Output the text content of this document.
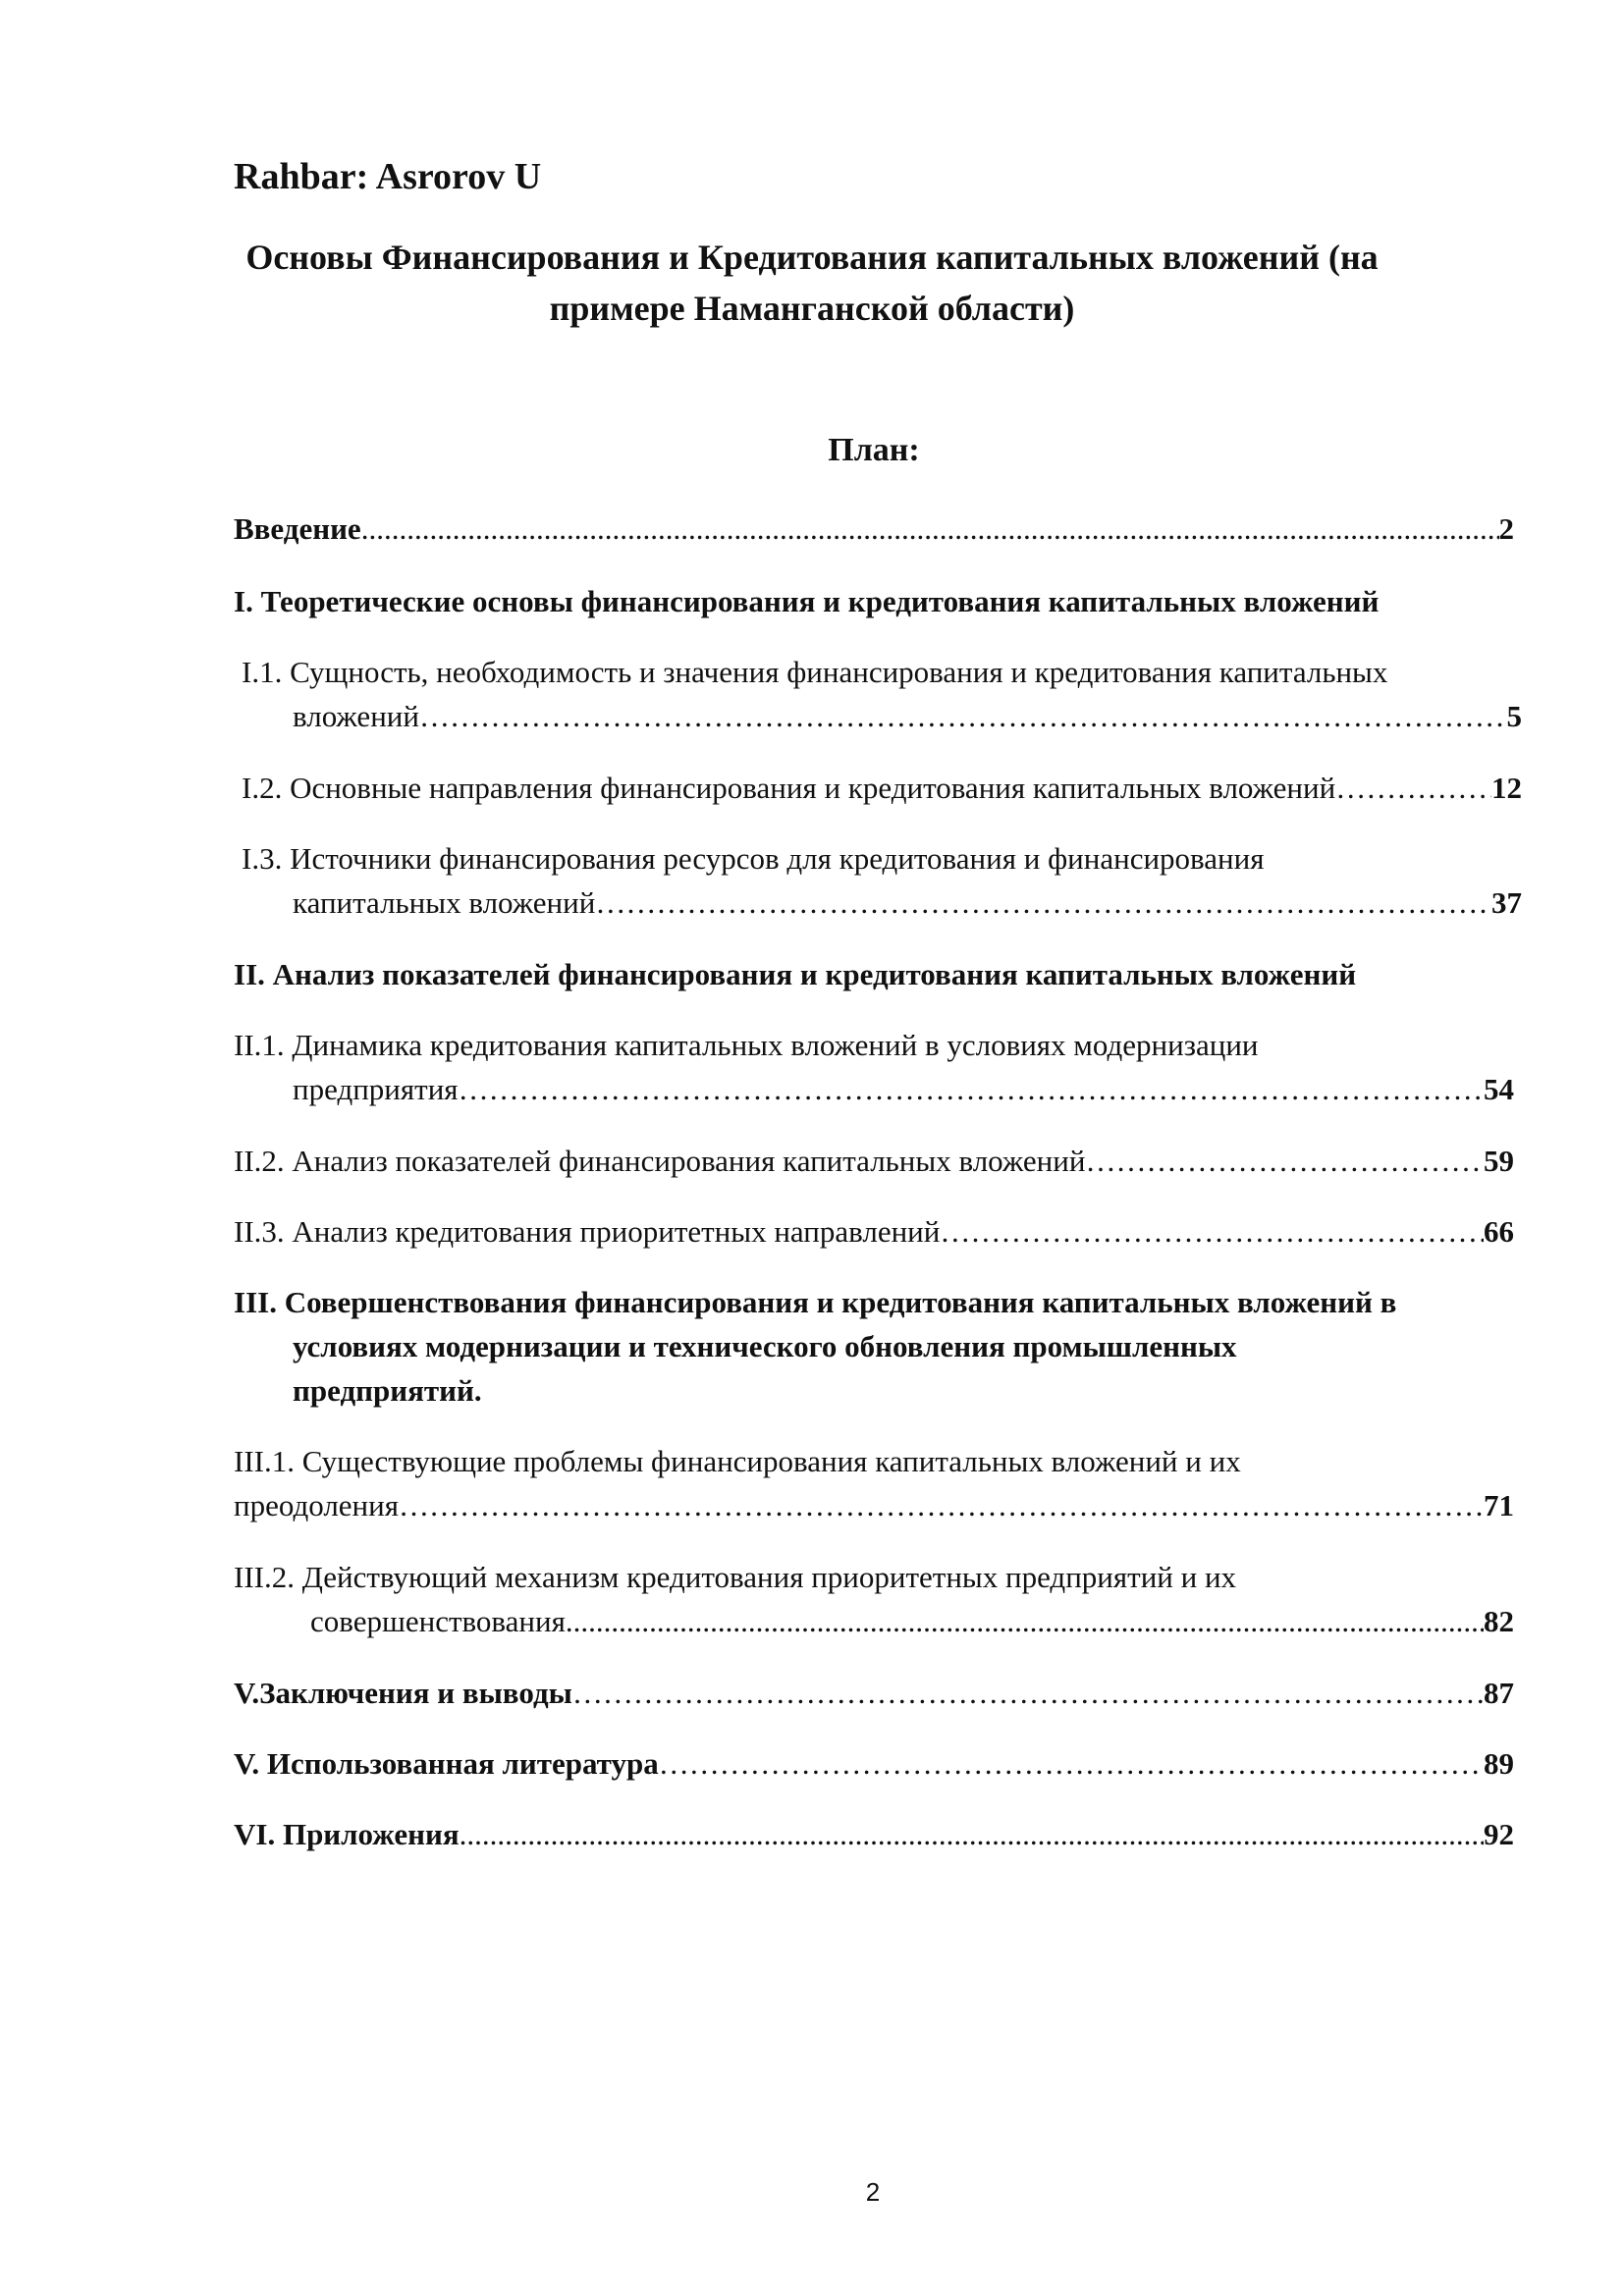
Rahbar: Asrorov U
Основы Финансирования и Кредитования капитальных вложений (на
примере Наманганской области)
План:
Введение .....	2
І. Теоретические основы финансирования и кредитования капитальных вложений
І.1. Сущность, необходимость и значения финансирования и кредитования капитальных
вложений ……………………………………………………………………………………………………………………………………………………………………………………	5
І.2. Основные направления финансирования и кредитования капитальных вложений ……………………………………………………………………………………………………………………………………………………………………………………	12
І.3. Источники финансирования ресурсов для кредитования и финансирования
капитальных вложений ……………………………………………………………………………………………………………………………………………………………………………………	37
II. Анализ показателей финансирования и кредитования капитальных вложений
II.1. Динамика кредитования капитальных вложений в условиях модернизации
предприятия ……………………………………………………………………………………………………………………………………………………………………………………	54
II.2. Анализ показателей финансирования капитальных вложений ……………………………………………………………………………………………………………………………………………………………………………………	59
II.3. Анализ кредитования приоритетных направлений ……………………………………………………………………………………………………………………………………………………………………………………	66
III. Совершенствования финансирования и кредитования капитальных вложений в
условиях модернизации и технического обновления промышленных
предприятий.
III.1. Существующие проблемы финансирования капитальных вложений и их
преодоления ……………………………………………………………………………………………………………………………………………………………………………………	71
III.2. Действующий механизм кредитования приоритетных предприятий и их
совершенствования .....	82
V.Заключения и выводы ……………………………………………………………………………………………………………………………………………………………………………………	87
V. Использованная литература ……………………………………………………………………………………………………………………………………………………………………………………	89
VI. Приложения .....	92
2
